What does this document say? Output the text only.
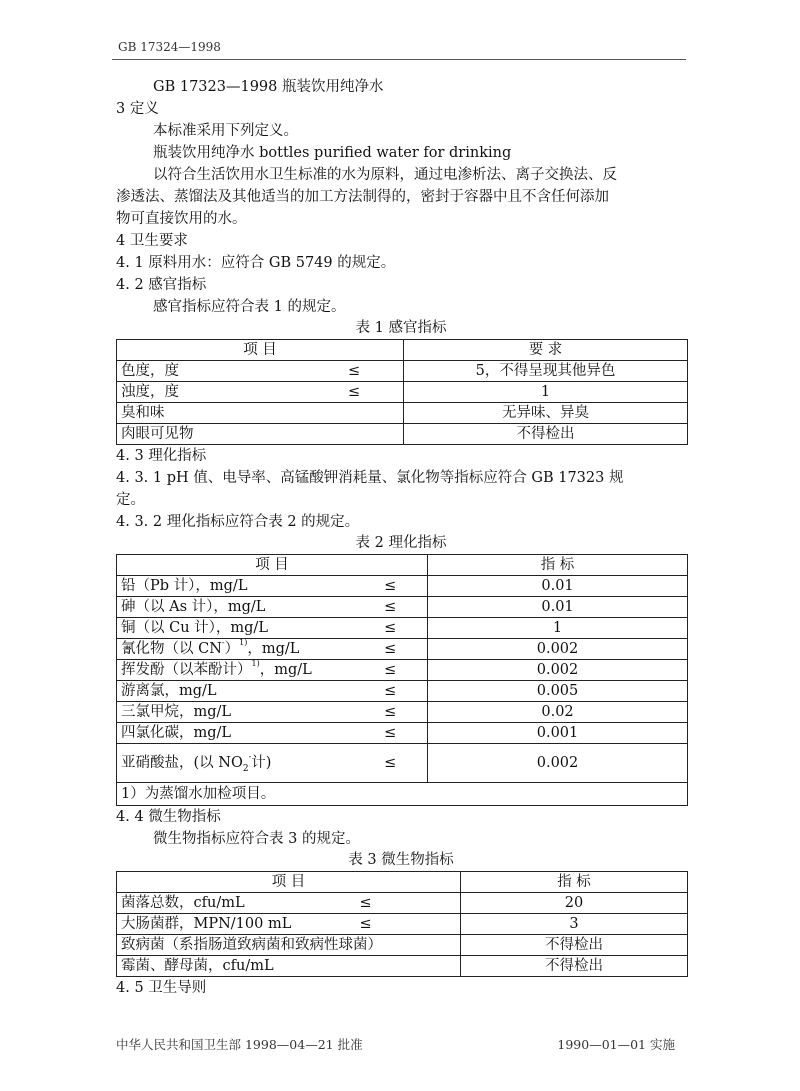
GB 17324—1998
GB 17323—1998 瓶装饮用纯净水
3 定义
本标准采用下列定义。
瓶装饮用纯净水 bottles purified water for drinking
以符合生活饮用水卫生标准的水为原料，通过电渗析法、离子交换法、反
渗透法、蒸馏法及其他适当的加工方法制得的，密封于容器中且不含任何添加
物可直接饮用的水。
4 卫生要求
4. 1 原料用水：应符合 GB 5749 的规定。
4. 2 感官指标
感官指标应符合表 1 的规定。
表 1 感官指标
项 目	要 求
色度，度 ≤	5，不得呈现其他异色
浊度，度 ≤	1
臭和味	无异味、异臭
肉眼可见物	不得检出
4. 3 理化指标
4. 3. 1 pH 值、电导率、高锰酸钾消耗量、氯化物等指标应符合 GB 17323 规
定。
4. 3. 2 理化指标应符合表 2 的规定。
表 2 理化指标
项 目		指 标
铅（Pb 计），mg/L	≤	0.01
砷（以 As 计），mg/L	≤	0.01
铜（以 Cu 计），mg/L	≤	1
氰化物（以 CN-）$^{1)}$，mg/L	≤	0.002
挥发酚（以苯酚计）$^{1)}$，mg/L	≤	0.002
游离氯，mg/L	≤	0.005
三氯甲烷，mg/L	≤	0.02
四氯化碳，mg/L	≤	0.001
亚硝酸盐，(以 $NO_2^-$计)	≤	0.002
1）为蒸馏水加检项目。		
4. 4 微生物指标
微生物指标应符合表 3 的规定。
表 3 微生物指标
项 目		指 标
菌落总数，cfu/mL	≤	20
大肠菌群，MPN/100 mL	≤	3
致病菌（系指肠道致病菌和致病性球菌）		不得检出
霉菌、酵母菌，cfu/mL		不得检出
4. 5 卫生导则
中华人民共和国卫生部 1998—04—21 批准	1990—01—01 实施
